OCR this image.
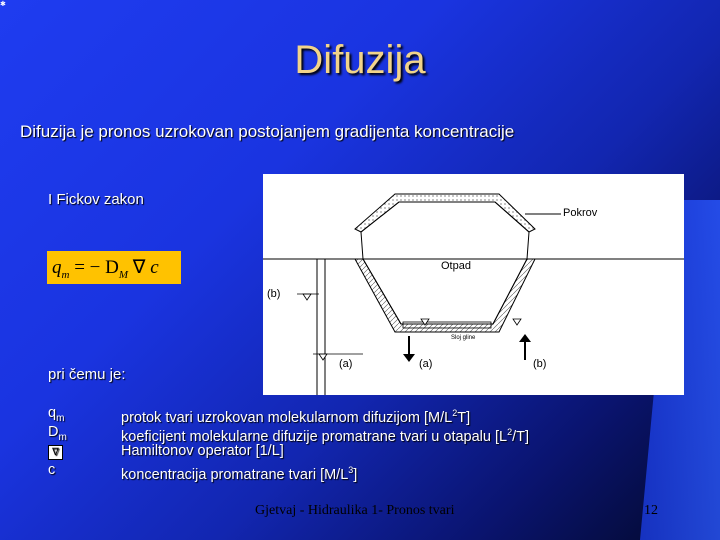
✱
Difuzija
Difuzija je pronos uzrokovan postojanjem gradijenta koncentracije
I Fickov zakon
$q_m$ = − $D_M$ ∇ c
pri čemu je:
$q_m$	protok tvari uzrokovan molekularnom difuzijom $[M/L^2T]$
$D_m$	koeficijent molekularne difuzije promatrane tvari u otapalu $[L^2/T]$
∇	Hamiltonov operator [1/L]
c	koncentracija promatrane tvari $[M/L^3]$
Pokrov
Otpad
Sloj gline
(b)
(a)	(a)	(b)
Gjetvaj - Hidraulika 1- Pronos tvari	12
